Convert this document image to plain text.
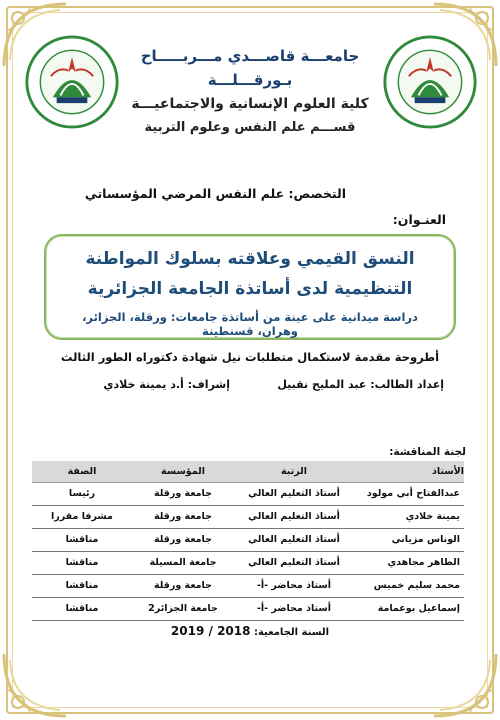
جامعـــة قاصـــدي مـــربـــــاح بـورقـــلـــة
كلية العلوم الإنسانية والاجتماعيـــة
قســـم علم النفس وعلوم التربية
التخصص: علم النفس المرضي المؤسساتي
العنـوان:
النسق القيمي وعلاقته بسلوك المواطنة التنظيمية لدى أساتذة الجامعة الجزائرية
دراسة ميدانية على عينة من أساتذة جامعات: ورقلة، الجزائر، وهران، قسنطينة
أطروحة مقدمة لاستكمال متطلبات نيل شهادة دكتوراه الطور الثالث
إعداد الطالب: عبد المليح نقبيل
إشراف: أ.د يمينة خلادي
لجنة المناقشة:
الأستاذ	الرتبة	المؤسسة	الصفة
عبدالفتاح أبي مولود	أستاذ التعليم العالي	جامعة ورقلة	رئيسا
يمينة خلادي	أستاذ التعليم العالي	جامعة ورقلة	مشرفا مقررا
الوناس مزياني	أستاذ التعليم العالي	جامعة ورقلة	مناقشا
الطاهر مجاهدي	أستاذ التعليم العالي	جامعة المسيلة	مناقشا
محمد سليم خميس	أستاذ محاضر -أ-	جامعة ورقلة	مناقشا
إسماعيل بوعمامة	أستاذ محاضر -أ-	جامعة الجزائر2	مناقشا
السنة الجامعية: 2018 / 2019
